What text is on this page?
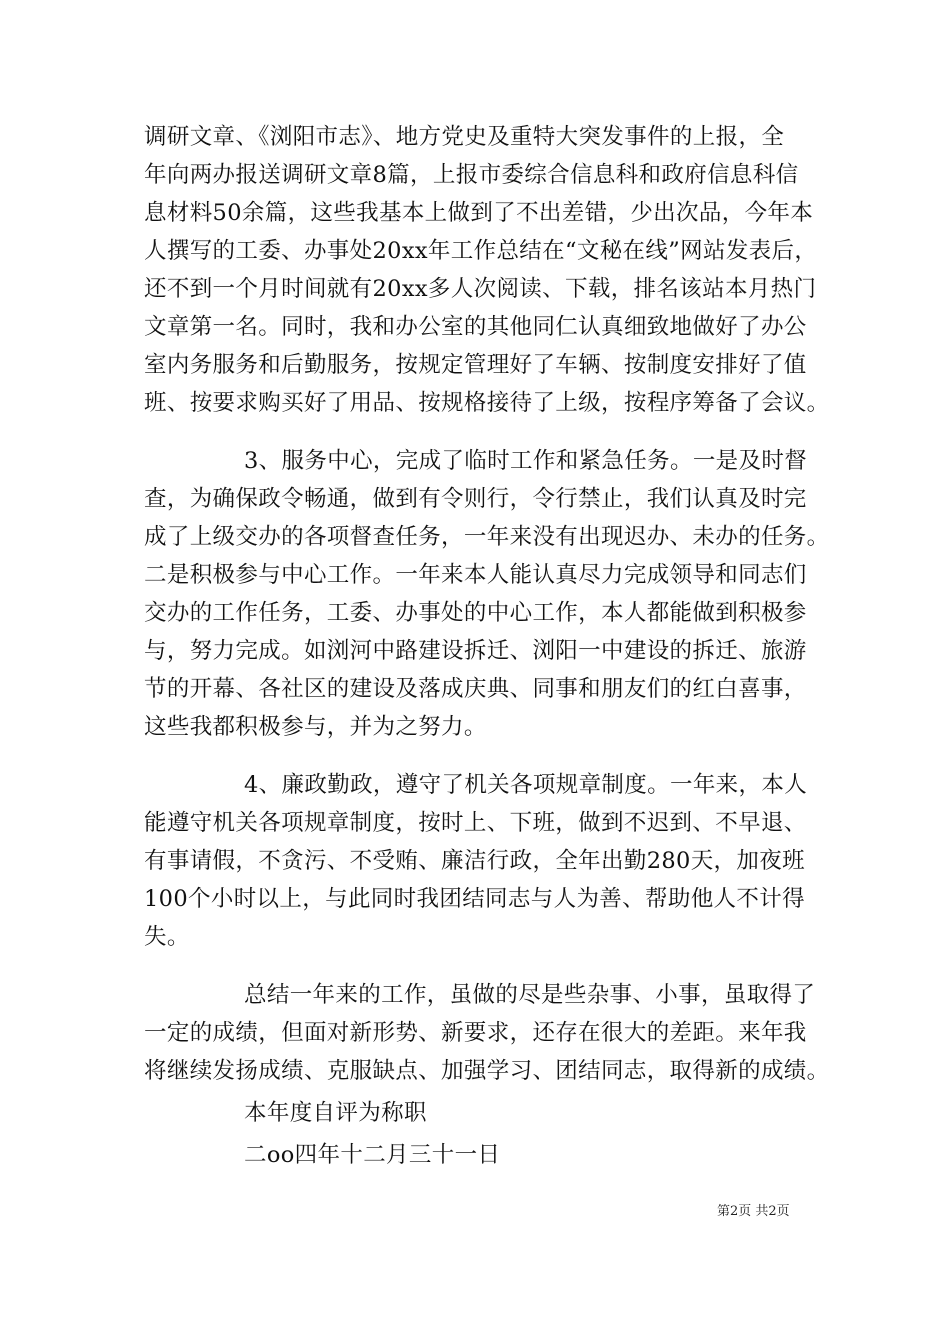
调研文章、《浏阳市志》、地方党史及重特大突发事件的上报，全
年向两办报送调研文章8篇，上报市委综合信息科和政府信息科信
息材料50余篇，这些我基本上做到了不出差错，少出次品，今年本
人撰写的工委、办事处20xx年工作总结在“文秘在线”网站发表后，
还不到一个月时间就有20xx多人次阅读、下载，排名该站本月热门
文章第一名。同时，我和办公室的其他同仁认真细致地做好了办公
室内务服务和后勤服务，按规定管理好了车辆、按制度安排好了值
班、按要求购买好了用品、按规格接待了上级，按程序筹备了会议。
3、服务中心，完成了临时工作和紧急任务。一是及时督
查，为确保政令畅通，做到有令则行，令行禁止，我们认真及时完
成了上级交办的各项督查任务，一年来没有出现迟办、未办的任务。
二是积极参与中心工作。一年来本人能认真尽力完成领导和同志们
交办的工作任务，工委、办事处的中心工作，本人都能做到积极参
与，努力完成。如浏河中路建设拆迁、浏阳一中建设的拆迁、旅游
节的开幕、各社区的建设及落成庆典、同事和朋友们的红白喜事，
这些我都积极参与，并为之努力。
4、廉政勤政，遵守了机关各项规章制度。一年来，本人
能遵守机关各项规章制度，按时上、下班，做到不迟到、不早退、
有事请假，不贪污、不受贿、廉洁行政，全年出勤280天，加夜班
100个小时以上，与此同时我团结同志与人为善、帮助他人不计得
失。
总结一年来的工作，虽做的尽是些杂事、小事，虽取得了
一定的成绩，但面对新形势、新要求，还存在很大的差距。来年我
将继续发扬成绩、克服缺点、加强学习、团结同志，取得新的成绩。
本年度自评为称职
二oo四年十二月三十一日
第2页 共2页
